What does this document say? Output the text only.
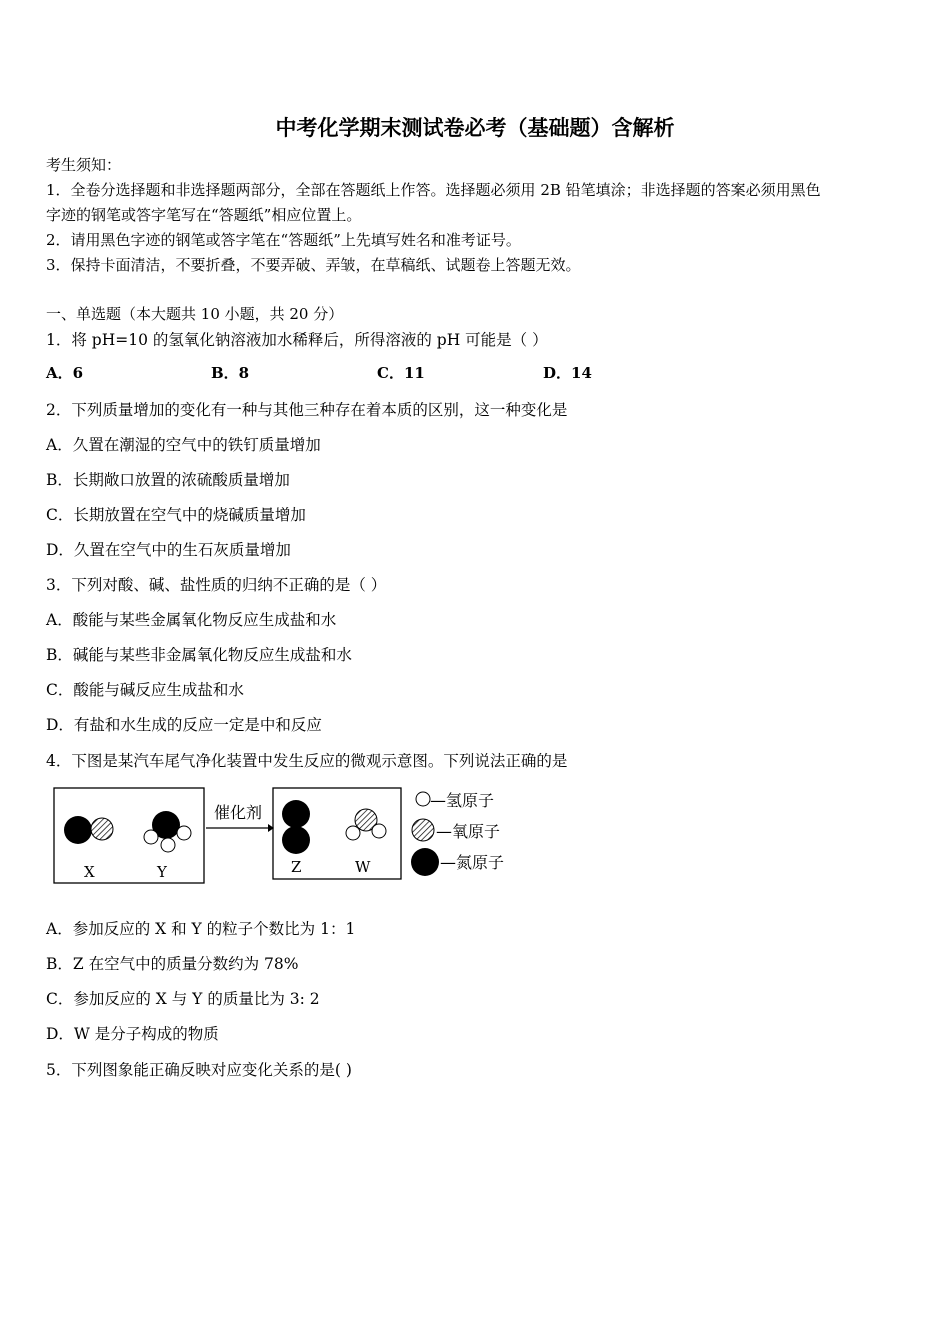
中考化学期末测试卷必考（基础题）含解析
考生须知：
1．全卷分选择题和非选择题两部分，全部在答题纸上作答。选择题必须用 2B 铅笔填涂；非选择题的答案必须用黑色
字迹的钢笔或答字笔写在“答题纸”相应位置上。
2．请用黑色字迹的钢笔或答字笔在“答题纸”上先填写姓名和准考证号。
3．保持卡面清洁，不要折叠，不要弄破、弄皱，在草稿纸、试题卷上答题无效。
一、单选题（本大题共 10 小题，共 20 分）
1．将 pH=10 的氢氧化钠溶液加水稀释后，所得溶液的 pH 可能是（ ）
A．6	B．8	C．11	D．14
2．下列质量增加的变化有一种与其他三种存在着本质的区别，这一种变化是
A．久置在潮湿的空气中的铁钉质量增加
B．长期敞口放置的浓硫酸质量增加
C．长期放置在空气中的烧碱质量增加
D．久置在空气中的生石灰质量增加
3．下列对酸、碱、盐性质的归纳不正确的是（ ）
A．酸能与某些金属氧化物反应生成盐和水
B．碱能与某些非金属氧化物反应生成盐和水
C．酸能与碱反应生成盐和水
D．有盐和水生成的反应一定是中和反应
4．下图是某汽车尾气净化装置中发生反应的微观示意图。下列说法正确的是
催化剂
X	Y	Z	W
—氢原子
—氧原子
—氮原子
A．参加反应的 X 和 Y 的粒子个数比为 1：1
B．Z 在空气中的质量分数约为 78%
C．参加反应的 X 与 Y 的质量比为 3: 2
D．W 是分子构成的物质
5．下列图象能正确反映对应变化关系的是( )
